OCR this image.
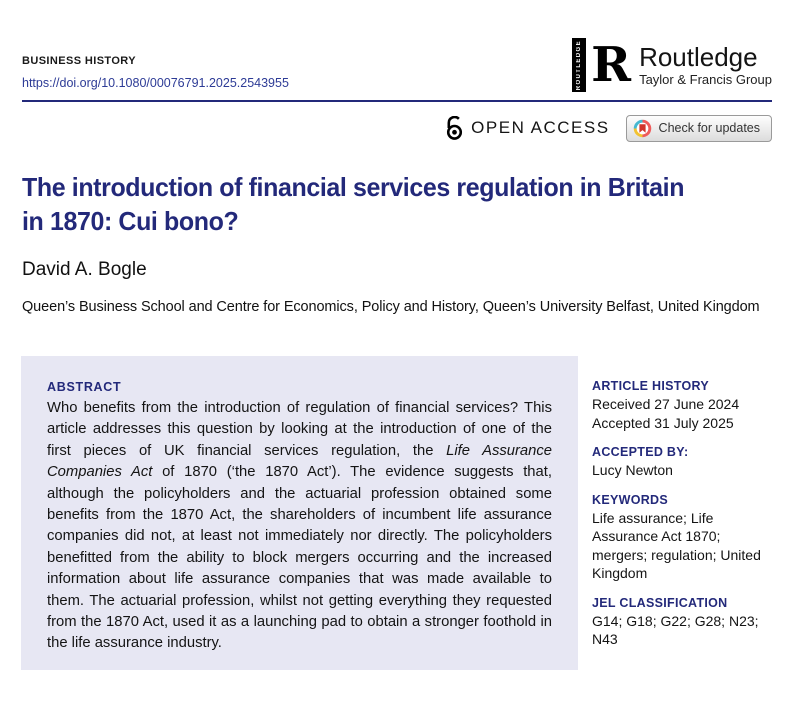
BUSINESS HISTORY
https://doi.org/10.1080/00076791.2025.2543955	ROUTLEDGE R Routledge
Taylor & Francis Group
OPEN ACCESS	Check for updates
The introduction of financial services regulation in Britain
in 1870: Cui bono?
David A. Bogle
Queen’s Business School and Centre for Economics, Policy and History, Queen’s University Belfast, United Kingdom
ABSTRACT

Who benefits from the introduction of regulation of financial services? This article addresses this question by looking at the introduction of one of the first pieces of UK financial services regulation, the Life Assurance Companies Act of 1870 (‘the 1870 Act’). The evidence suggests that, although the policyholders and the actuarial profession obtained some benefits from the 1870 Act, the shareholders of incumbent life assurance companies did not, at least not immediately nor directly. The policyholders benefitted from the ability to block mergers occurring and the increased information about life assurance companies that was made available to them. The actuarial profession, whilst not getting everything they requested from the 1870 Act, used it as a launching pad to obtain a stronger foothold in the life assurance industry.

ARTICLE HISTORY
Received 27 June 2024
Accepted 31 July 2025
ACCEPTED BY:
Lucy Newton
KEYWORDS
Life assurance; Life Assurance Act 1870; mergers; regulation; United Kingdom
JEL CLASSIFICATION
G14; G18; G22; G28; N23; N43
